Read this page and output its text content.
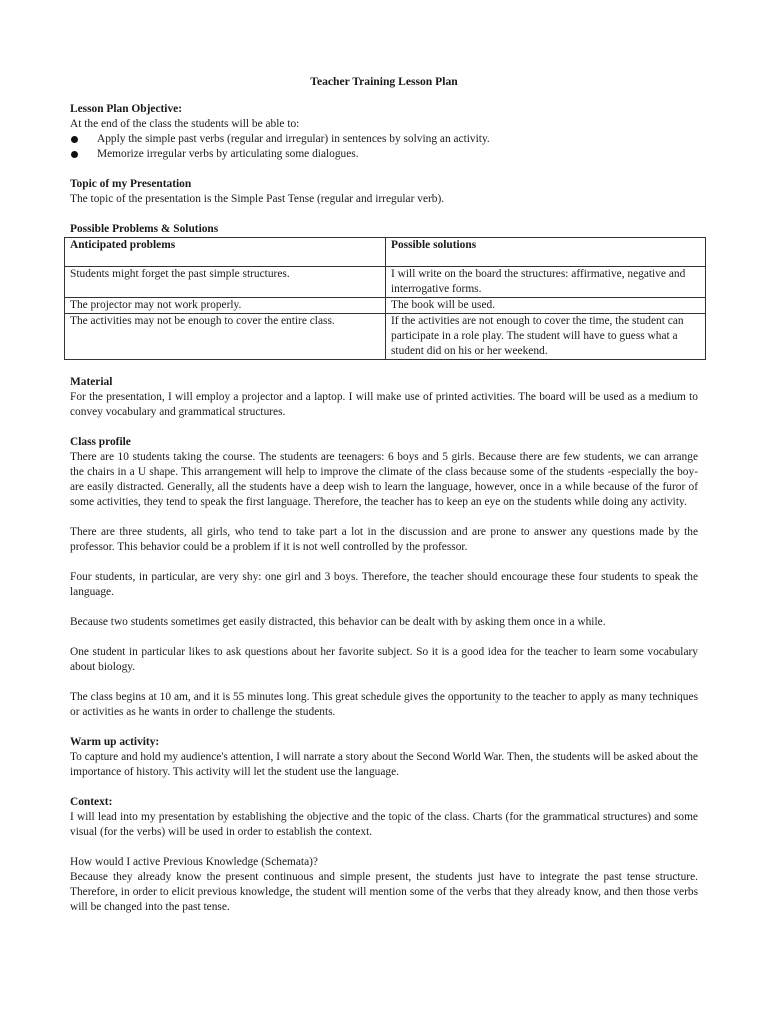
Teacher Training Lesson Plan

Lesson Plan Objective:

At the end of the class the students will be able to:

Apply the simple past verbs (regular and irregular) in sentences by solving an activity.
Memorize irregular verbs by articulating some dialogues.

Topic of my Presentation

The topic of the presentation is the Simple Past Tense (regular and irregular verb).

Possible Problems & Solutions

Anticipated problems	Possible solutions
Students might forget the past simple structures.	I will write on the board the structures: affirmative, negative and interrogative forms.
The projector may not work properly.	The book will be used.
The activities may not be enough to cover the entire class.	If the activities are not enough to cover the time, the student can participate in a role play. The student will have to guess what a student did on his or her weekend.

Material

For the presentation, I will employ a projector and a laptop. I will make use of printed activities. The board will be used as a medium to convey vocabulary and grammatical structures.

Class profile

There are 10 students taking the course. The students are teenagers: 6 boys and 5 girls. Because there are few students, we can arrange the chairs in a U shape. This arrangement will help to improve the climate of the class because some of the students -especially the boy- are easily distracted. Generally, all the students have a deep wish to learn the language, however, once in a while because of the furor of some activities, they tend to speak the first language. Therefore, the teacher has to keep an eye on the students while doing any activity.

There are three students, all girls, who tend to take part a lot in the discussion and are prone to answer any questions made by the professor. This behavior could be a problem if it is not well controlled by the professor.

Four students, in particular, are very shy: one girl and 3 boys. Therefore, the teacher should encourage these four students to speak the language.

Because two students sometimes get easily distracted, this behavior can be dealt with by asking them once in a while.

One student in particular likes to ask questions about her favorite subject. So it is a good idea for the teacher to learn some vocabulary about biology.

The class begins at 10 am, and it is 55 minutes long. This great schedule gives the opportunity to the teacher to apply as many techniques or activities as he wants in order to challenge the students.

Warm up activity:

To capture and hold my audience's attention, I will narrate a story about the Second World War. Then, the students will be asked about the importance of history. This activity will let the student use the language.

Context:

I will lead into my presentation by establishing the objective and the topic of the class. Charts (for the grammatical structures) and some visual (for the verbs) will be used in order to establish the context.

How would I active Previous Knowledge (Schemata)?

Because they already know the present continuous and simple present, the students just have to integrate the past tense structure. Therefore, in order to elicit previous knowledge, the student will mention some of the verbs that they already know, and then those verbs will be changed into the past tense.
